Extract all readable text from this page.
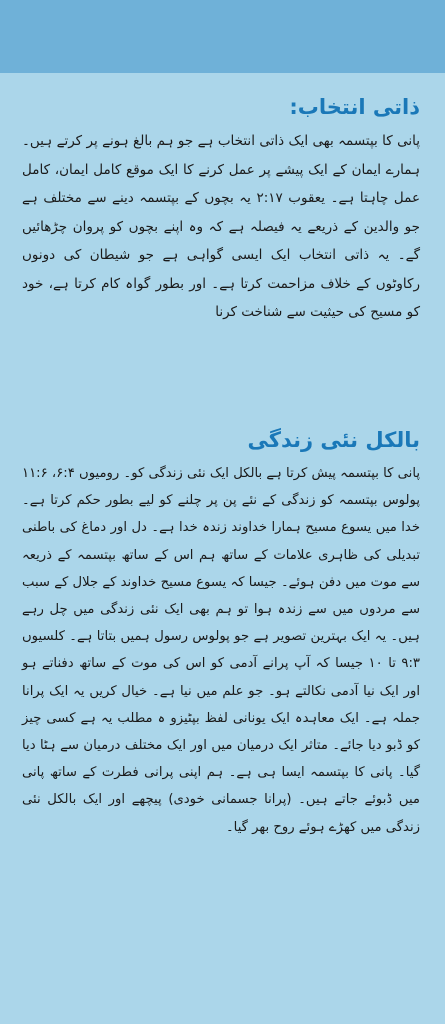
ذاتی انتخاب:

پانی کا بپتسمہ بھی ایک ذاتی انتخاب ہے جو ہم بالغ ہونے پر کرتے ہیں۔ ہمارے ایمان کے ایک پیشے پر عمل کرنے کا ایک موقع کامل ایمان، کامل عمل چاہتا ہے۔ یعقوب ۲:۱۷ یہ بچوں کے بپتسمہ دینے سے مختلف ہے جو والدین کے ذریعے یہ فیصلہ ہے کہ وہ اپنے بچوں کو پروان چڑھائیں گے۔ یہ ذاتی انتخاب ایک ایسی گواہی ہے جو شیطان کی دونوں رکاوٹوں کے خلاف مزاحمت کرتا ہے۔ اور بطور گواہ کام کرتا ہے، خود کو مسیح کی حیثیت سے شناخت کرنا

بالکل نئی زندگی

پانی کا بپتسمہ پیش کرتا ہے بالکل ایک نئی زندگی کو۔ رومیوں ۶:۴، ۱۱:۶ پولوس بپتسمہ کو زندگی کے نئے پن پر چلنے کو لیے بطور حکم کرتا ہے۔ خدا میں یسوع مسیح ہمارا خداوند زندہ خدا ہے۔ دل اور دماغ کی باطنی تبدیلی کی ظاہری علامات کے ساتھ ہم اس کے ساتھ بپتسمہ کے ذریعہ سے موت میں دفن ہوئے۔ جیسا کہ یسوع مسیح خداوند کے جلال کے سبب سے مردوں میں سے زندہ ہوا تو ہم بھی ایک نئی زندگی میں چل رہے ہیں۔ یہ ایک بہترین تصویر ہے جو پولوس رسول ہمیں بتاتا ہے۔ کلسیوں ۹:۳ تا ۱۰ جیسا کہ آپ پرانے آدمی کو اس کی موت کے ساتھ دفناتے ہو اور ایک نیا آدمی نکالتے ہو۔ جو علم میں نیا ہے۔ خیال کریں یہ ایک پرانا جملہ ہے۔ ایک معاہدہ ایک یونانی لفظ بپٹیزو ہ مطلب یہ ہے کسی چیز کو ڈبو دیا جائے۔ متاثر ایک درمیان میں اور ایک مختلف درمیان سے ہٹا دیا گیا۔ پانی کا بپتسمہ ایسا ہی ہے۔ ہم اپنی پرانی فطرت کے ساتھ پانی میں ڈبوئے جاتے ہیں۔ (پرانا جسمانی خودی) پیچھے اور ایک بالکل نئی زندگی میں کھڑے ہوئے روح بھر گیا۔
